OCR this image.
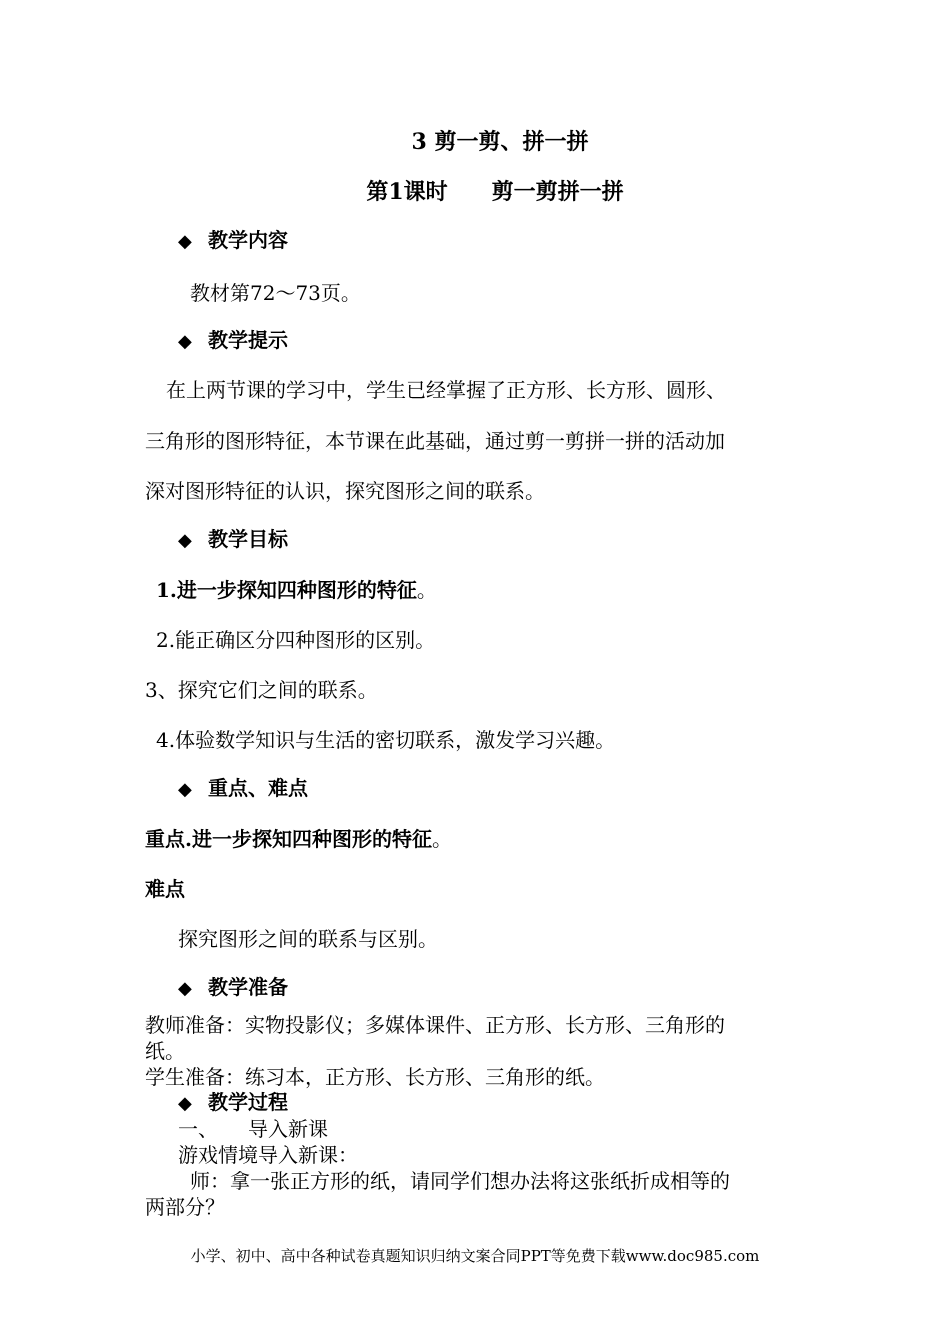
3 剪一剪、拼一拼
第1课时 剪一剪拼一拼
◆ 教学内容
教材第72～73页。
◆ 教学提示
在上两节课的学习中，学生已经掌握了正方形、长方形、圆形、
三角形的图形特征，本节课在此基础，通过剪一剪拼一拼的活动加
深对图形特征的认识，探究图形之间的联系。
◆ 教学目标
1.进一步探知四种图形的特征。
2.能正确区分四种图形的区别。
3、探究它们之间的联系。
4.体验数学知识与生活的密切联系，激发学习兴趣。
◆ 重点、难点
重点.进一步探知四种图形的特征。
难点
探究图形之间的联系与区别。
◆ 教学准备
教师准备：实物投影仪；多媒体课件、正方形、长方形、三角形的
纸。
学生准备：练习本，正方形、长方形、三角形的纸。
◆ 教学过程
一、 导入新课
游戏情境导入新课：
师：拿一张正方形的纸，请同学们想办法将这张纸折成相等的
两部分？
小学、初中、高中各种试卷真题知识归纳文案合同PPT等免费下载www.doc985.com
